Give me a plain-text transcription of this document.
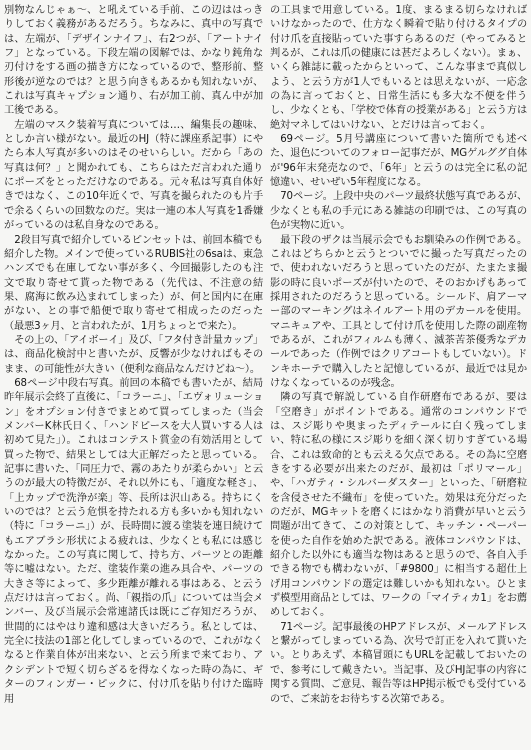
別物なんじゃぁ〜、と吼えている手前、この辺ははっきりしておく義務があるだろう。ちなみに、真中の写真では、左端が、「デザインナイフ」、右2つが、「アートナイフ」となっている。下段左端の図解では、かなり鈍角な刃付けをする画の描き方になっているので、整形前、整形後が逆なのでは？と思う向きもあるかも知れないが、これは写真キャプション通り、右が加工前、真ん中が加工後である。

左端のマスク装着写真については…、編集長の趣味、としか言い様がない。最近のHJ（特に課座系記事）にやたら本人写真が多いのはそのせいらしい。だから「あの写真は何？」と聞かれても、こちらはただ言われた通りにポーズをとっただけなのである。元々私は写真自体好きではなく、この10年近くで、写真を撮られたのも片手で余るくらいの回数なのだ。実は一連の本人写真を1番嫌がっているのは私自身なのである。

2段目写真で紹介しているピンセットは、前回本稿でも紹介した物。メインで使っているRUBIS社の6saは、東急ハンズでも在庫してない事が多く、今回撮影したのも注文で取り寄せて貰った物である（先代は、不注意の結果、腐海に飲み込まれてしまった）が、何と国内に在庫がない、との事で船便で取り寄せて相成ったのだった（最悪3ヶ月、と言われたが、1月ちょっとで来た）。

その上の、「アイボーイ」及び、「フタ付き計量カップ」は、商品化検討中と書いたが、反響が少なければもそのまま、の可能性が大きい（便利な商品なんだけどね〜）。

68ページ中段右写真。前回の本稿でも書いたが、結局昨年展示会終了直後に、「コラーニ」、「エヴォリューション」をオプション付きでまとめて買ってしまった（当会メンバーK林氏日く、「ハンドピースを大人買いする人は初めて見た」）。これはコンテスト賞金の有効活用として買った物で、結果としては大正解だったと思っている。記事に書いた、「同圧力で、霧のあたりが柔らかい」と云うのが最大の特徴だが、それ以外にも、「適度な軽さ」、「上カップで洗浄が楽」等、長所は沢山ある。持ちにくいのでは？と云う危惧を持たれる方も多いかも知れない（特に「コラーニ」）が、長時間に渡る塗装を連日続けてもエアブラシ形状による疲れは、少なくとも私には感じなかった。この写真に関して、持ち方、パーツとの距離等に嘘はない。ただ、塗装作業の進み具合や、パーツの大きさ等によって、多少距離が離れる事はある、と云う点だけは言っておく。尚、「親指の爪」については当会メンバー、及び当展示会常連諸氏は既にご存知だろうが、世間的にはやはり違和感は大きいだろう。私としては、完全に技法の1部と化してしまっているので、これがなくなると作業自体が出来ない、と云う所まで来ており、アクシデントで短く切らざるを得なくなった時の為に、ギターのフィンガー・ピックに、付け爪を貼り付けた臨時用

の工具まで用意している。1度、まるまる切らなければいけなかったので、仕方なく瞬着で貼り付けるタイプの付け爪を直接貼っていた事すらあるのだ（やってみると判るが、これは爪の健康には甚だよろしくない）。まぁ、いくら雑誌に載ったからといって、こんな事まで真似しよう、と云う方が1人でもいるとは思えないが、一応念の為に言っておくと、日常生活にも多大な不便を伴うし、少なくとも、「学校で体育の授業がある」と云う方は絶対マネしてはいけない、とだけは言っておく。

69ページ。5月号講座について書いた箇所でも述べた、退色についてのフォロー記事だが、MGゲルググ自体が'96年末発売なので、「6年」と云うのは完全に私の記憶違い、せいぜい5年程度になる。

70ページ。上段中央のパーツ最終状態写真であるが、少なくとも私の手元にある雑誌の印刷では、この写真の色が実物に近い。

最下段のザクは当展示会でもお馴染みの作例である。これはどちらかと云うとついでに撮った写真だったので、使われないだろうと思っていたのだが、たまたま撮影の時に良いポーズが付いたので、そのおかげもあって採用されたのだろうと思っている。シールド、肩アーマー部のマーキングはネイルアート用のデカールを使用。マニキュアや、工具として付け爪を使用した際の副産物であるが、これがフィルムも薄く、滅茶苦茶優秀なデカールであった（作例ではクリアコートもしていない）。ドンキホーテで購入したと記憶しているが、最近では見かけなくなっているのが残念。

隣の写真で解説している自作研磨布であるが、要は「空磨き」がポイントである。通常のコンパウンドでは、スジ彫りや奥まったディテールに白く残ってしまい、特に私の様にスジ彫りを細く深く切りすぎている場合、これは致命的とも云える欠点である。その為に空磨きをする必要が出来たのだが、最初は「ポリマール」や、「ハガティ・シルバーダスター」といった、「研磨粒を含侵させた不織布」を使っていた。効果は充分だったのだが、MGキットを磨くにはかなり消費が早いと云う問題が出てきて、この対策として、キッチン・ペーパーを使った自作を始めた訳である。液体コンパウンドは、紹介した以外にも適当な物はあると思うので、各自入手できる物でも構わないが、「#9800」に相当する超仕上げ用コンパウンドの選定は難しいかも知れない。ひとまず模型用商品としては、ワークの「マイティカ1」をお薦めしておく。

71ページ。記事最後のHPアドレスが、メールアドレスと繋がってしまっている為、次号で訂正を入れて貰いたい。とりあえず、本稿冒頭にもURLを記載しておいたので、参考にして戴きたい。当記事、及びHJ記事の内容に関する質問、ご意見、報告等はHP掲示板でも受付ているので、ご来訪をお待ちする次第である。
